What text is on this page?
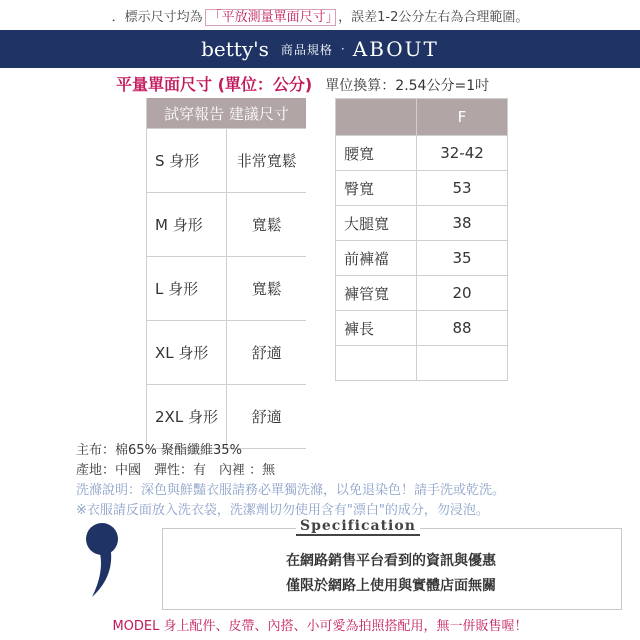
．標示尺寸均為 「平放測量單面尺寸」 ，誤差1-2公分左右為合理範圍。
betty's 商品規格 · ABOUT
平量單面尺寸 (單位：公分) 單位換算：2.54公分=1吋
試穿報告 建議尺寸	
S 身形	非常寬鬆
M 身形	寬鬆
L 身形	寬鬆
XL 身形	舒適
2XL 身形	舒適
	F
腰寬	32-42
臀寬	53
大腿寬	38
前褲襠	35
褲管寬	20
褲長	88

主布：棉65% 聚酯纖維35%
產地：中國　彈性：有　內裡 ：無
洗滌說明：深色與鮮豔衣服請務必單獨洗滌，以免退染色！請手洗或乾洗。
※衣服請反面放入洗衣袋，洗潔劑切勿使用含有"漂白"的成分，勿浸泡。
Specification
在網路銷售平台看到的資訊與優惠
僅限於網路上使用與實體店面無關
MODEL 身上配件、皮帶、內搭、小可愛為拍照搭配用，無一併販售喔！
